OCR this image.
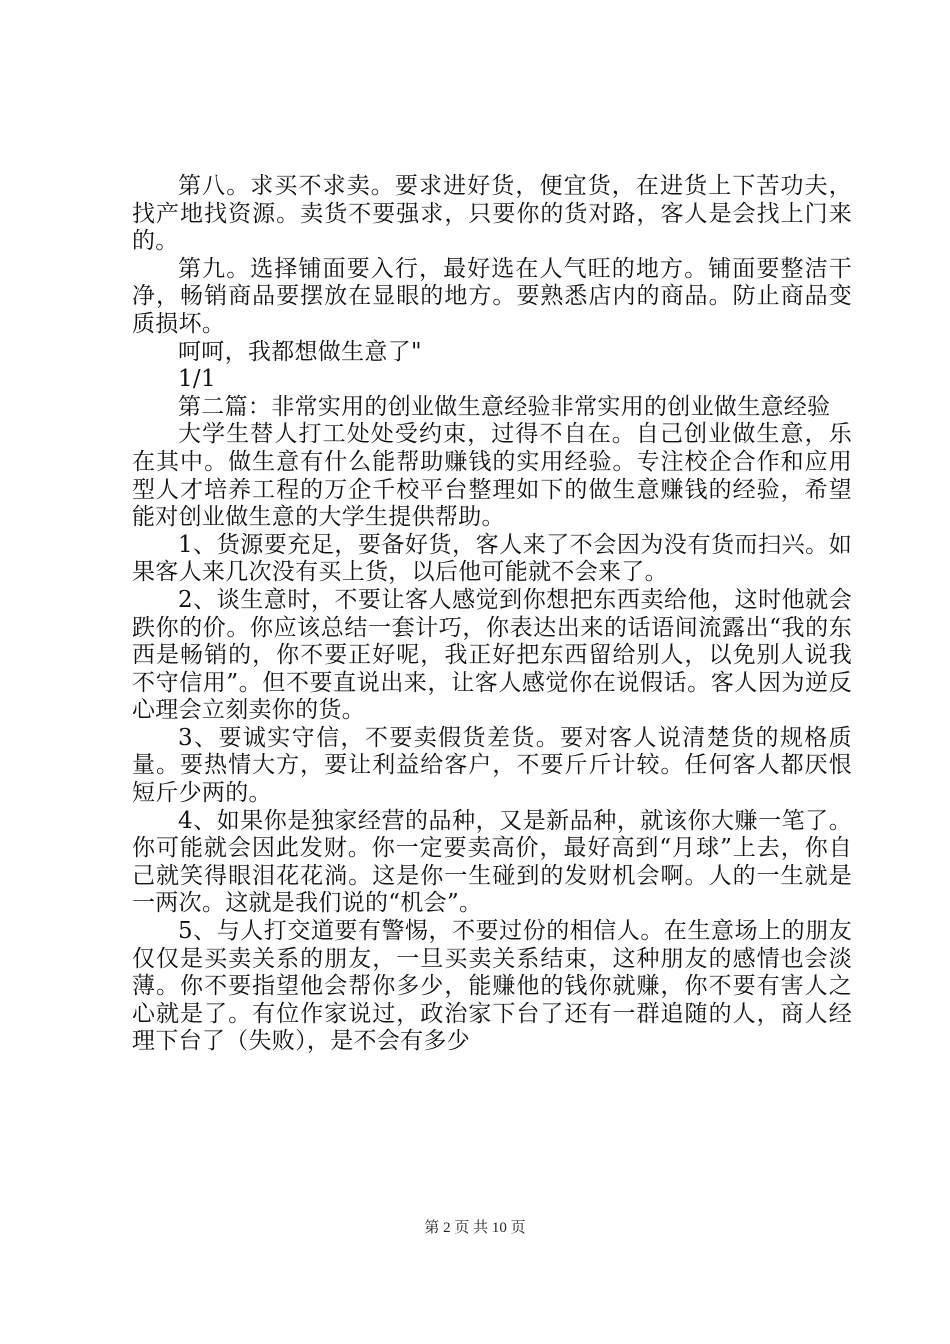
第八。求买不求卖。要求进好货，便宜货，在进货上下苦功夫，找产地找资源。卖货不要强求，只要你的货对路，客人是会找上门来的。

第九。选择铺面要入行，最好选在人气旺的地方。铺面要整洁干净，畅销商品要摆放在显眼的地方。要熟悉店内的商品。防止商品变质损坏。

呵呵，我都想做生意了"

1/1

第二篇：非常实用的创业做生意经验非常实用的创业做生意经验

大学生替人打工处处受约束，过得不自在。自己创业做生意，乐在其中。做生意有什么能帮助赚钱的实用经验。专注校企合作和应用型人才培养工程的万企千校平台整理如下的做生意赚钱的经验，希望能对创业做生意的大学生提供帮助。

1、货源要充足，要备好货，客人来了不会因为没有货而扫兴。如果客人来几次没有买上货，以后他可能就不会来了。

2、谈生意时，不要让客人感觉到你想把东西卖给他，这时他就会跌你的价。你应该总结一套计巧，你表达出来的话语间流露出“我的东西是畅销的，你不要正好呢，我正好把东西留给别人，以免别人说我不守信用”。但不要直说出来，让客人感觉你在说假话。客人因为逆反心理会立刻卖你的货。

3、要诚实守信，不要卖假货差货。要对客人说清楚货的规格质量。要热情大方，要让利益给客户，不要斤斤计较。任何客人都厌恨短斤少两的。

4、如果你是独家经营的品种，又是新品种，就该你大赚一笔了。你可能就会因此发财。你一定要卖高价，最好高到“月球”上去，你自己就笑得眼泪花花淌。这是你一生碰到的发财机会啊。人的一生就是一两次。这就是我们说的“机会”。

5、与人打交道要有警惕，不要过份的相信人。在生意场上的朋友仅仅是买卖关系的朋友，一旦买卖关系结束，这种朋友的感情也会淡薄。你不要指望他会帮你多少，能赚他的钱你就赚，你不要有害人之心就是了。有位作家说过，政治家下台了还有一群追随的人，商人经理下台了（失败），是不会有多少

第 2 页 共 10 页
